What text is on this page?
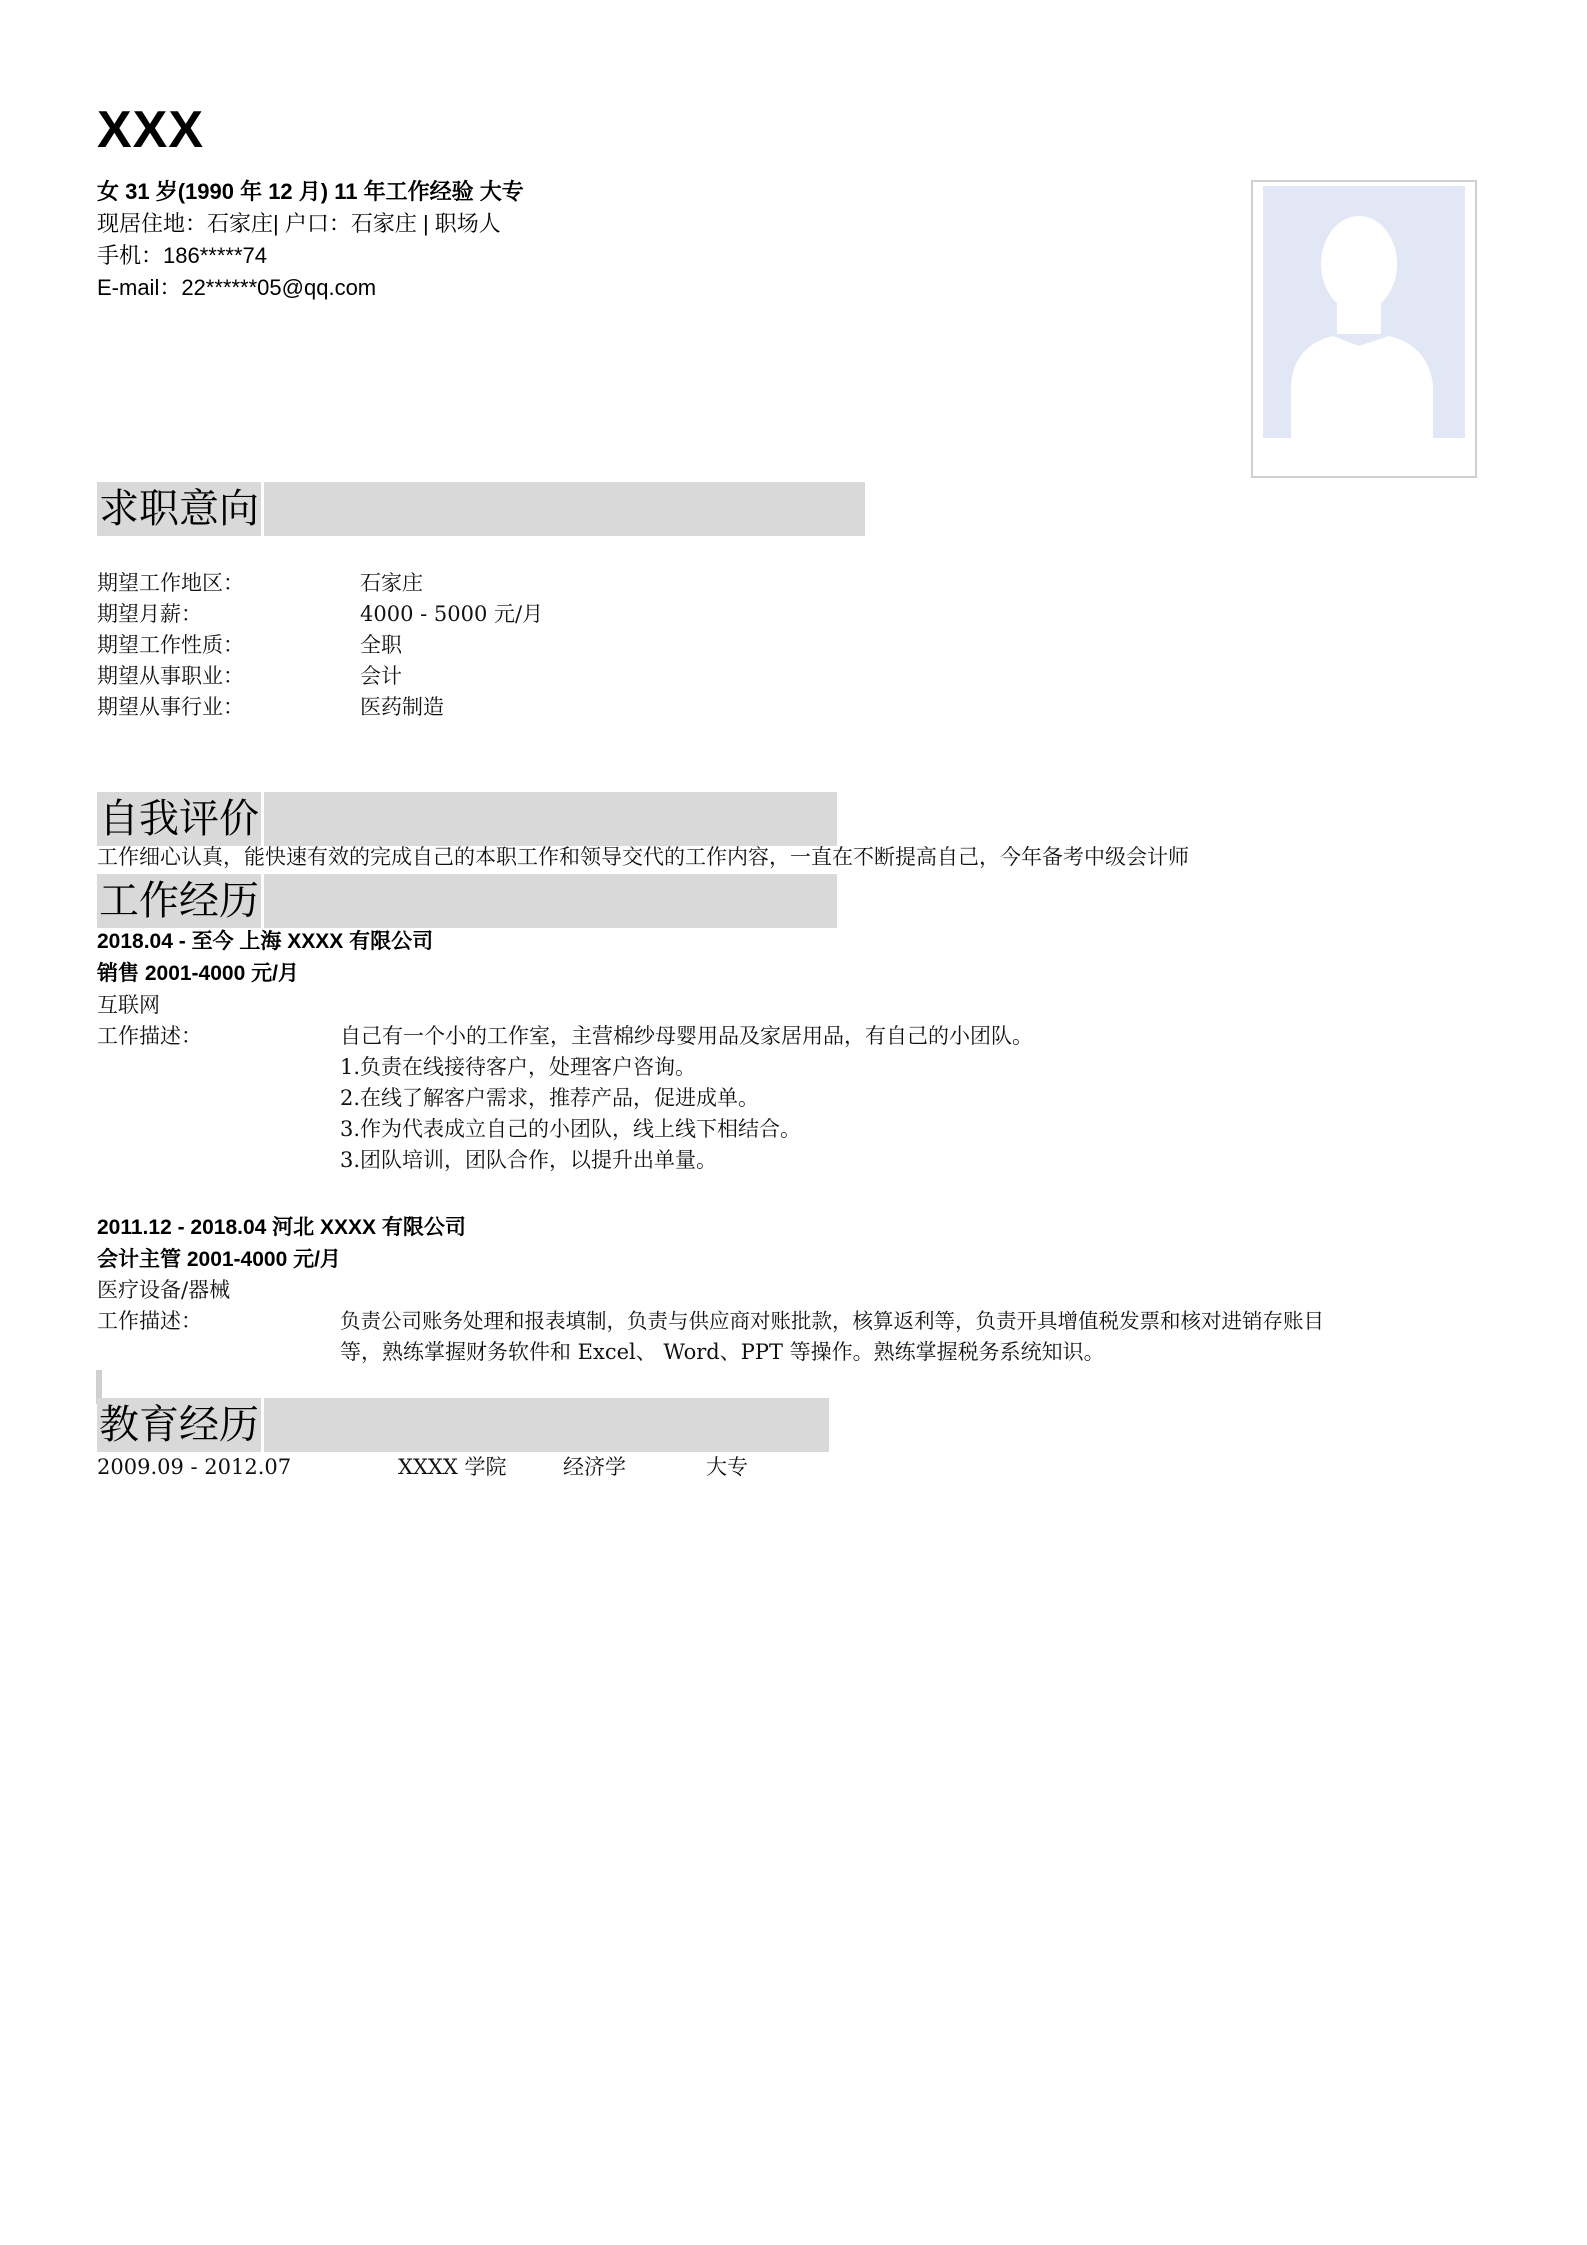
XXX
女 31 岁(1990 年 12 月) 11 年工作经验 大专
现居住地：石家庄| 户口：石家庄 | 职场人
手机：186*****74
E-mail：22******05@qq.com
求职意向
期望工作地区：	石家庄
期望月薪：	4000 - 5000 元/月
期望工作性质：	全职
期望从事职业：	会计
期望从事行业：	医药制造
自我评价
工作细心认真，能快速有效的完成自己的本职工作和领导交代的工作内容，一直在不断提高自己，今年备考中级会计师
工作经历
2018.04 - 至今 上海 XXXX 有限公司
销售 2001-4000 元/月
互联网
工作描述：	自己有一个小的工作室，主营棉纱母婴用品及家居用品，有自己的小团队。
1.负责在线接待客户，处理客户咨询。
2.在线了解客户需求，推荐产品，促进成单。
3.作为代表成立自己的小团队，线上线下相结合。
3.团队培训，团队合作，以提升出单量。
2011.12 - 2018.04 河北 XXXX 有限公司
会计主管 2001-4000 元/月
医疗设备/器械
工作描述：	负责公司账务处理和报表填制，负责与供应商对账批款，核算返利等，负责开具增值税发票和核对进销存账目
等，熟练掌握财务软件和 Excel、 Word、PPT 等操作。熟练掌握税务系统知识。
教育经历
2009.09 - 2012.07	XXXX 学院	经济学	大专
